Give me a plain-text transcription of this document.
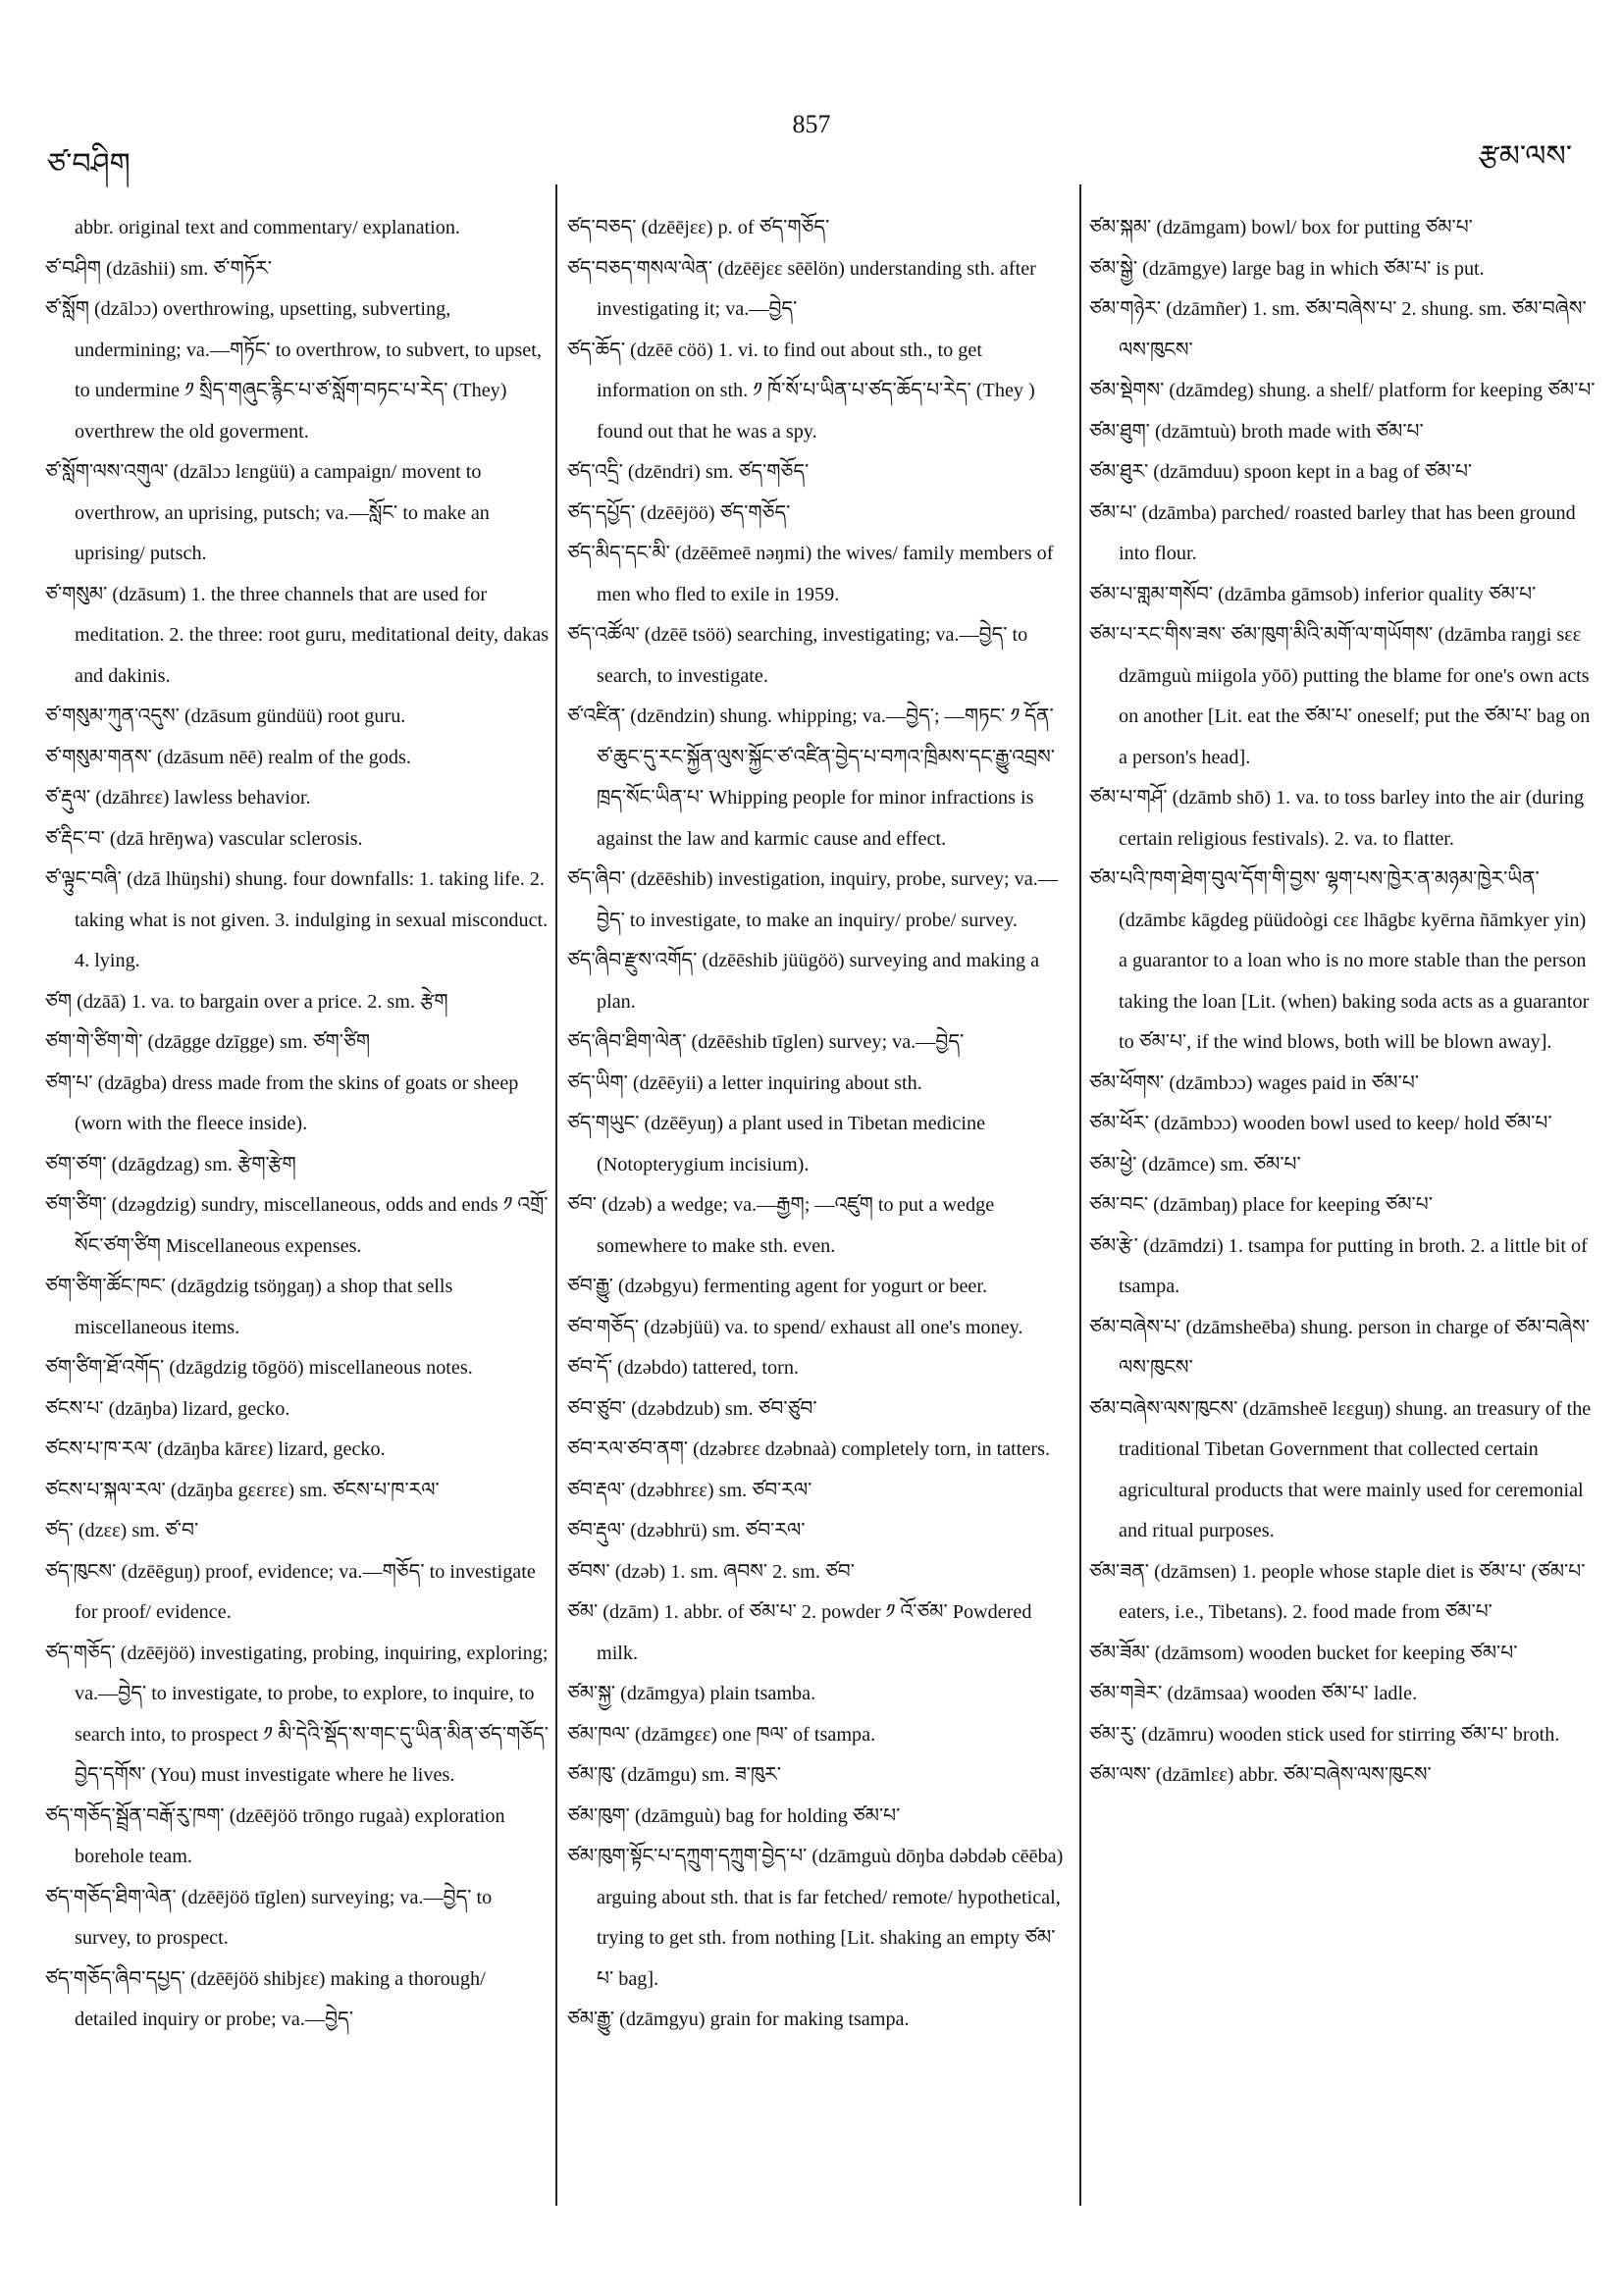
ཙ་བཤིག
857
རྩམ་ལས་

abbr. original text and commentary/ explanation.

ཙ་བཤིག (dzāshii) sm. ཙ་གཏོར་

ཙ་སློག (dzālɔɔ) overthrowing, upsetting, subverting, undermining; va.—གཏོང་ to overthrow, to subvert, to upset, to undermine ༡ སྲིད་གཞུང་རྙིང་པ་ཙ་སློག་བཏང་པ་རེད་ (They) overthrew the old goverment.

ཙ་སློག་ལས་འགུལ་ (dzālɔɔ lɛngüü) a campaign/ movent to overthrow, an uprising, putsch; va.—སློང་ to make an uprising/ putsch.

ཙ་གསུམ་ (dzāsum) 1. the three channels that are used for meditation. 2. the three: root guru, meditational deity, dakas and dakinis.

ཙ་གསུམ་ཀུན་འདུས་ (dzāsum gündüü) root guru.

ཙ་གསུམ་གནས་ (dzāsum nēē) realm of the gods.

ཙ་རྡུལ་ (dzāhrɛɛ) lawless behavior.

ཙ་རྡིང་བ་ (dzā hrēŋwa) vascular sclerosis.

ཙ་ལྟུང་བཞི་ (dzā lhüŋshi) shung. four downfalls: 1. taking life. 2. taking what is not given. 3. indulging in sexual misconduct. 4. lying.

ཙག (dzāā) 1. va. to bargain over a price. 2. sm. རྩེག

ཙག་གེ་ཙིག་གེ་ (dzāgge dzīgge) sm. ཙག་ཙིག

ཙག་པ་ (dzāgba) dress made from the skins of goats or sheep (worn with the fleece inside).

ཙག་ཙག་ (dzāgdzag) sm. རྩེག་རྩེག

ཙག་ཙིག་ (dzəgdzig) sundry, miscellaneous, odds and ends ༡ འགྲོ་སོང་ཙག་ཙིག Miscellaneous expenses.

ཙག་ཙིག་ཚོང་ཁང་ (dzāgdzig tsöŋgaŋ) a shop that sells miscellaneous items.

ཙག་ཙིག་ཐོ་འགོད་ (dzāgdzig tōgöö) miscellaneous notes.

ཙངས་པ་ (dzāŋba) lizard, gecko.

ཙངས་པ་ཁ་རལ་ (dzāŋba kārɛɛ) lizard, gecko.

ཙངས་པ་སྐལ་རལ་ (dzāŋba gɛɛrɛɛ) sm. ཙངས་པ་ཁ་རལ་

ཙད་ (dzɛɛ) sm. ཙ་བ་

ཙད་ཁུངས་ (dzēēguŋ) proof, evidence; va.—གཅོད་ to investigate for proof/ evidence.

ཙད་གཅོད་ (dzēējöö) investigating, probing, inquiring, exploring; va.—བྱེད་ to investigate, to probe, to explore, to inquire, to search into, to prospect ༡ མི་དེའི་སྡོད་ས་གང་དུ་ཡིན་མིན་ཙད་གཅོད་བྱེད་དགོས་ (You) must investigate where he lives.

ཙད་གཅོད་སྦྲོན་བརྒོ་རུ་ཁག་ (dzēējöö trōngo rugaà) exploration borehole team.

ཙད་གཅོད་ཐིག་ལེན་ (dzēējöö tīglen) surveying; va.—བྱེད་ to survey, to prospect.

ཙད་གཅོད་ཞིབ་དཔྱད་ (dzēējöö shibjɛɛ) making a thorough/ detailed inquiry or probe; va.—བྱེད་

ཙད་བཅད་ (dzēējɛɛ) p. of ཙད་གཅོད་

ཙད་བཅད་གསལ་ལེན་ (dzēējɛɛ sēēlön) understanding sth. after investigating it; va.—བྱེད་

ཙད་ཆོད་ (dzēē cöö) 1. vi. to find out about sth., to get information on sth. ༡ ཁོ་སོ་པ་ཡིན་པ་ཙད་ཆོད་པ་རེད་ (They ) found out that he was a spy.

ཙད་འདྲི་ (dzēndri) sm. ཙད་གཅོད་

ཙད་དཔྱོད་ (dzēējöö) ཙད་གཅོད་

ཙད་མིད་དང་མི་ (dzēēmeē nəŋmi) the wives/ family members of men who fled to exile in 1959.

ཙད་འཚོལ་ (dzēē tsöö) searching, investigating; va.—བྱེད་ to search, to investigate.

ཙ་འཛིན་ (dzēndzin) shung. whipping; va.—བྱེད་; —གཏང་ ༡ དོན་ཙ་ཆུང་དུ་རང་སྐྱོན་ལུས་སྐྱོང་ཙ་འཛིན་བྱེད་པ་བཀའ་ཁྲིམས་དང་རྒྱུ་འབྲས་ཁྲད་སོང་ཡིན་པ་ Whipping people for minor infractions is against the law and karmic cause and effect.

ཙད་ཞིབ་ (dzēēshib) investigation, inquiry, probe, survey; va.—བྱེད་ to investigate, to make an inquiry/ probe/ survey.

ཙད་ཞིབ་རྫུས་འགོད་ (dzēēshib jüügöö) surveying and making a plan.

ཙད་ཞིབ་ཐིག་ལེན་ (dzēēshib tīglen) survey; va.—བྱེད་

ཙད་ཡིག་ (dzēēyii) a letter inquiring about sth.

ཙད་གཡུང་ (dzēēyuŋ) a plant used in Tibetan medicine (Notopterygium incisium).

ཙབ་ (dzəb) a wedge; va.—རྒྱག; —འཛུག to put a wedge somewhere to make sth. even.

ཙབ་རྒྱུ་ (dzəbgyu) fermenting agent for yogurt or beer.

ཙབ་གཅོད་ (dzəbjüü) va. to spend/ exhaust all one's money.

ཙབ་དོ་ (dzəbdo) tattered, torn.

ཙབ་ཙུབ་ (dzəbdzub) sm. ཙབ་ཙུབ་

ཙབ་རལ་ཙབ་ནག་ (dzəbrɛɛ dzəbnaà) completely torn, in tatters.

ཙབ་རྡལ་ (dzəbhrɛɛ) sm. ཙབ་རལ་

ཙབ་རྡུལ་ (dzəbhrü) sm. ཙབ་རལ་

ཙབས་ (dzəb) 1. sm. ཞབས་ 2. sm. ཙབ་

ཙམ་ (dzām) 1. abbr. of ཙམ་པ་ 2. powder ༡ འོ་ཙམ་ Powdered milk.

ཙམ་སྐྱ་ (dzāmgya) plain tsamba.

ཙམ་ཁལ་ (dzāmgɛɛ) one ཁལ་ of tsampa.

ཙམ་ཁུ་ (dzāmgu) sm. ཟ་ཁུར་

ཙམ་ཁུག་ (dzāmguù) bag for holding ཙམ་པ་

ཙམ་ཁུག་སྟོང་པ་དཀྲུག་དཀྲུག་བྱེད་པ་ (dzāmguù dōŋba dəbdəb cēēba) arguing about sth. that is far fetched/ remote/ hypothetical, trying to get sth. from nothing [Lit. shaking an empty ཙམ་པ་ bag].

ཙམ་རྒྱུ་ (dzāmgyu) grain for making tsampa.

ཙམ་སྐམ་ (dzāmgam) bowl/ box for putting ཙམ་པ་

ཙམ་སྒྱེ་ (dzāmgye) large bag in which ཙམ་པ་ is put.

ཙམ་གཉེར་ (dzāmñer) 1. sm. ཙམ་བཞེས་པ་ 2. shung. sm. ཙམ་བཞེས་ལས་ཁུངས་

ཙམ་སྡེགས་ (dzāmdeg) shung. a shelf/ platform for keeping ཙམ་པ་

ཙམ་ཐུག་ (dzāmtuù) broth made with ཙམ་པ་

ཙམ་ཐུར་ (dzāmduu) spoon kept in a bag of ཙམ་པ་

ཙམ་པ་ (dzāmba) parched/ roasted barley that has been ground into flour.

ཙམ་པ་གླམ་གསོབ་ (dzāmba gāmsob) inferior quality ཙམ་པ་

ཙམ་པ་རང་གིས་ཟས་ ཙམ་ཁུག་མིའི་མགོ་ལ་གཡོགས་ (dzāmba raŋgi sɛɛ dzāmguù miigola yōō) putting the blame for one's own acts on another [Lit. eat the ཙམ་པ་ oneself; put the ཙམ་པ་ bag on a person's head].

ཙམ་པ་གཤོ་ (dzāmb shō) 1. va. to toss barley into the air (during certain religious festivals). 2. va. to flatter.

ཙམ་པའི་ཁག་ཐེག་བུལ་དོག་གི་བྱས་ ལྷག་པས་ཁྱེར་ན་མཉམ་ཁྱེར་ཡིན་ (dzāmbɛ kāgdeg püüdoògi cɛɛ lhāgbɛ kyērna ñāmkyer yin) a guarantor to a loan who is no more stable than the person taking the loan [Lit. (when) baking soda acts as a guarantor to ཙམ་པ་, if the wind blows, both will be blown away].

ཙམ་ཕོགས་ (dzāmbɔɔ) wages paid in ཙམ་པ་

ཙམ་ཕོར་ (dzāmbɔɔ) wooden bowl used to keep/ hold ཙམ་པ་

ཙམ་ཕྱེ་ (dzāmce) sm. ཙམ་པ་

ཙམ་བང་ (dzāmbaŋ) place for keeping ཙམ་པ་

ཙམ་རྩེ་ (dzāmdzi) 1. tsampa for putting in broth. 2. a little bit of tsampa.

ཙམ་བཞེས་པ་ (dzāmsheēba) shung. person in charge of ཙམ་བཞེས་ལས་ཁུངས་

ཙམ་བཞེས་ལས་ཁུངས་ (dzāmsheē lɛɛguŋ) shung. an treasury of the traditional Tibetan Government that collected certain agricultural products that were mainly used for ceremonial and ritual purposes.

ཙམ་ཟན་ (dzāmsen) 1. people whose staple diet is ཙམ་པ་ (ཙམ་པ་ eaters, i.e., Tibetans). 2. food made from ཙམ་པ་

ཙམ་ཟོམ་ (dzāmsom) wooden bucket for keeping ཙམ་པ་

ཙམ་གཟེར་ (dzāmsaa) wooden ཙམ་པ་ ladle.

ཙམ་རུ་ (dzāmru) wooden stick used for stirring ཙམ་པ་ broth.

ཙམ་ལས་ (dzāmlɛɛ) abbr. ཙམ་བཞེས་ལས་ཁུངས་
